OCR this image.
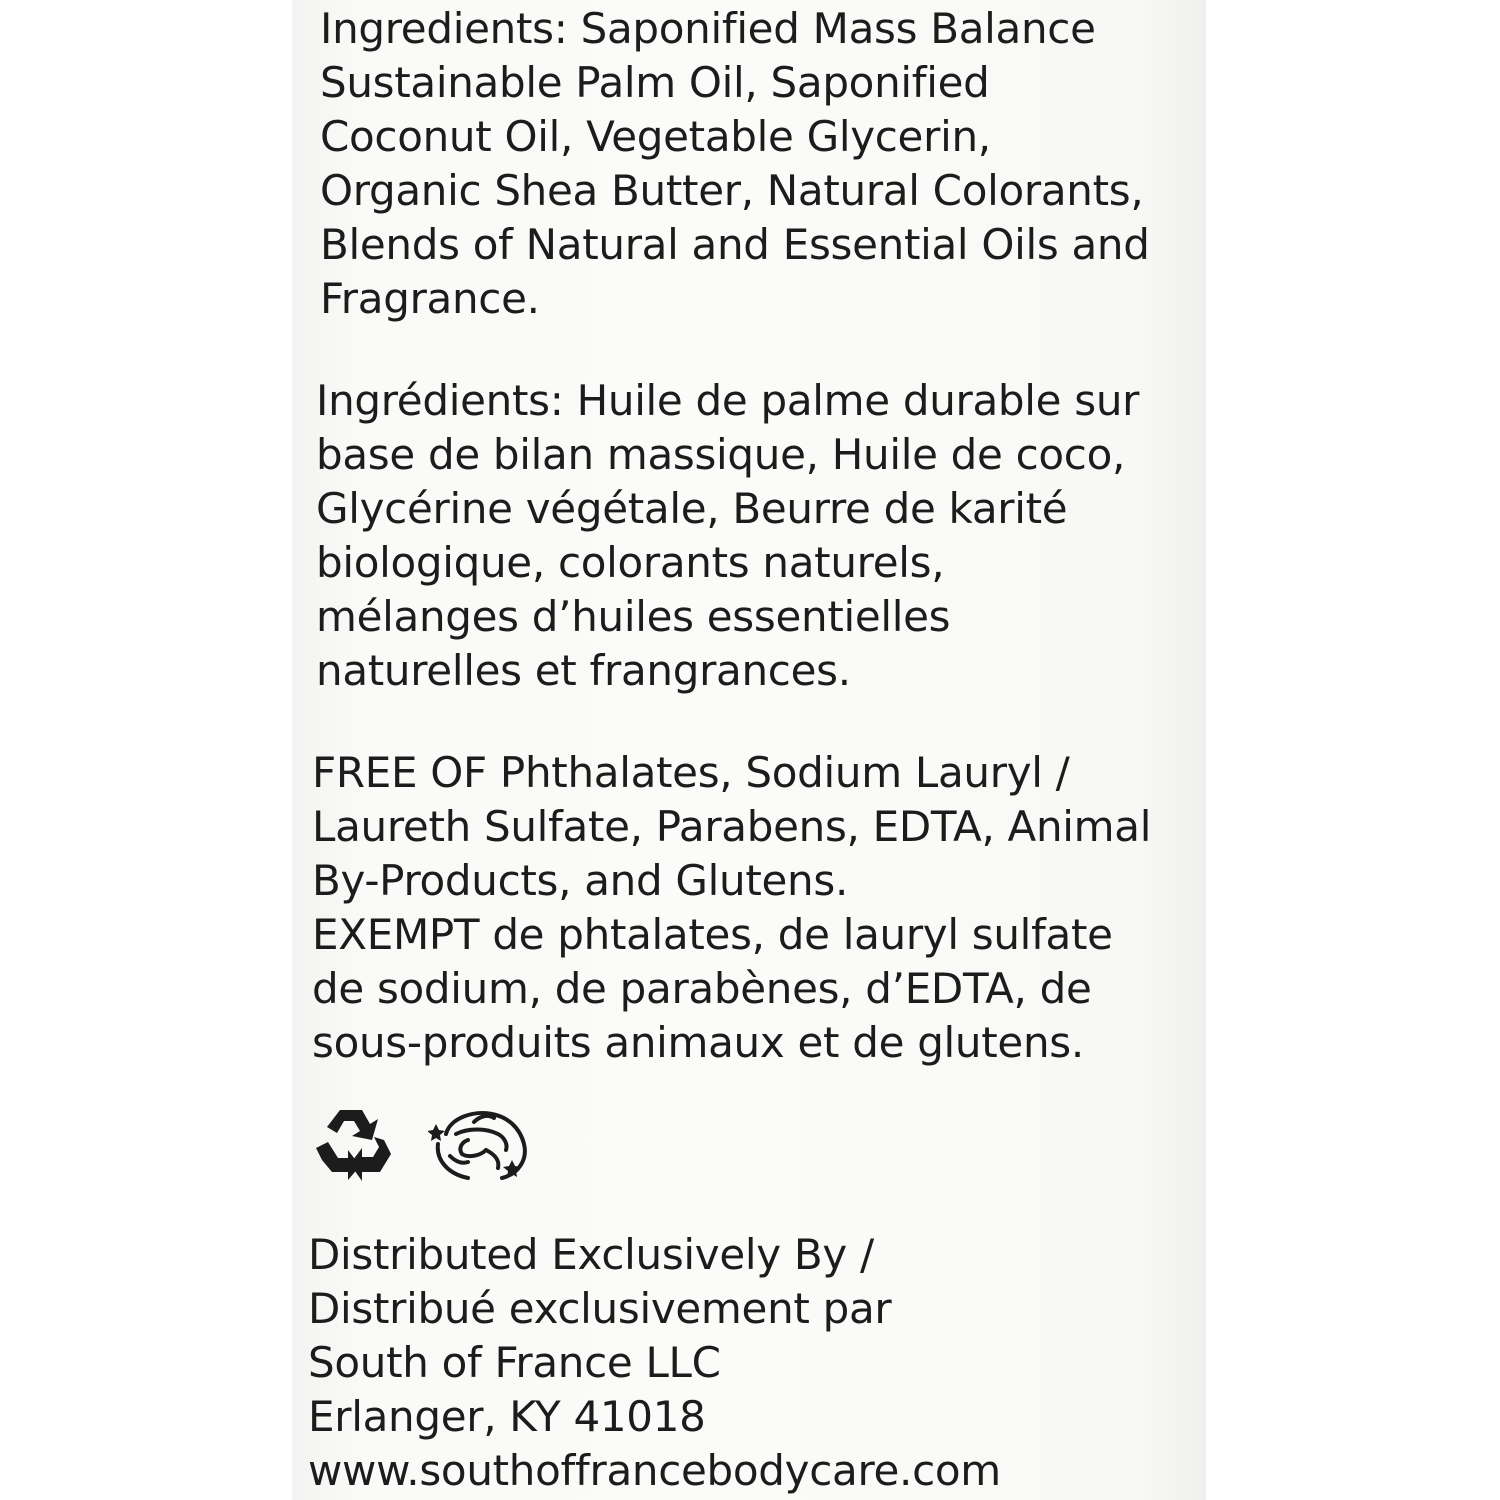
Ingredients: Saponified Mass Balance
Sustainable Palm Oil, Saponified
Coconut Oil, Vegetable Glycerin,
Organic Shea Butter, Natural Colorants,
Blends of Natural and Essential Oils and
Fragrance.
Ingrédients: Huile de palme durable sur
base de bilan massique, Huile de coco,
Glycérine végétale, Beurre de karité
biologique, colorants naturels,
mélanges d’huiles essentielles
naturelles et frangrances.
FREE OF Phthalates, Sodium Lauryl /
Laureth Sulfate, Parabens, EDTA, Animal
By-Products, and Glutens.
EXEMPT de phtalates, de lauryl sulfate
de sodium, de parabènes, d’EDTA, de
sous-produits animaux et de glutens.
Distributed Exclusively By /
Distribué exclusivement par
South of France LLC
Erlanger, KY 41018
www.southoffrancebodycare.com
